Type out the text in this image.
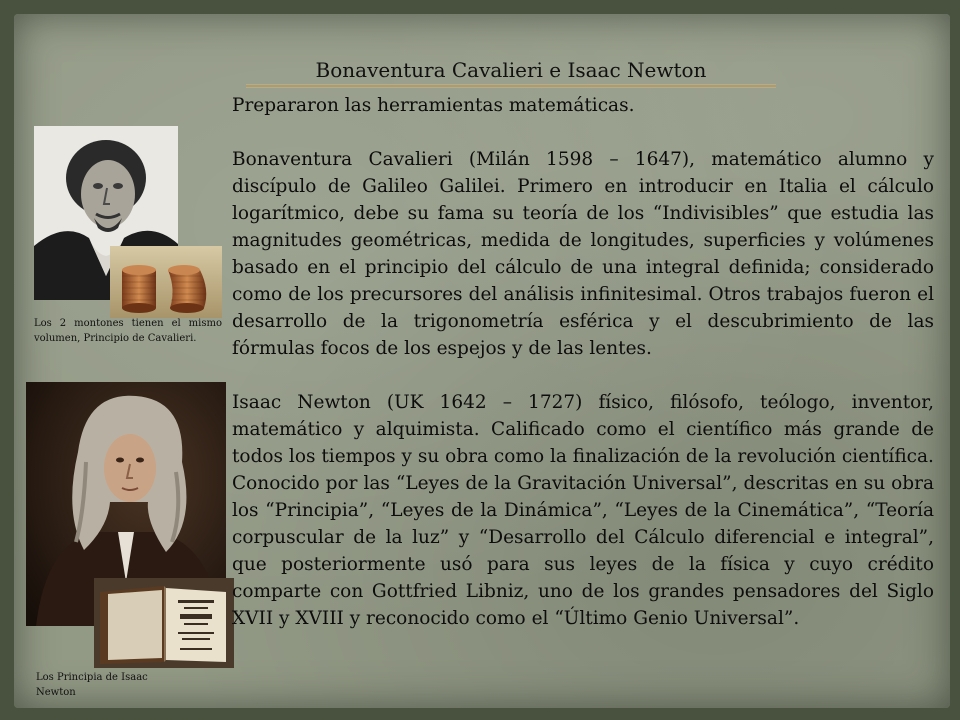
Bonaventura Cavalieri e Isaac Newton
Los 2 montones tienen el mismo volumen, Principio de Cavalieri.
Los Principia de Isaac Newton

Prepararon las herramientas matemáticas.

Bonaventura Cavalieri (Milán 1598 – 1647), matemático alumno y discípulo de Galileo Galilei. Primero en introducir en Italia el cálculo logarítmico, debe su fama su teoría de los “Indivisibles” que estudia las magnitudes geométricas, medida de longitudes, superficies y volúmenes basado en el principio del cálculo de una integral definida; considerado como de los precursores del análisis infinitesimal. Otros trabajos fueron el desarrollo de la trigonometría esférica y el descubrimiento de las fórmulas focos de los espejos y de las lentes.

Isaac Newton (UK 1642 – 1727) físico, filósofo, teólogo, inventor, matemático y alquimista. Calificado como el científico más grande de todos los tiempos y su obra como la finalización de la revolución científica.

Conocido por las “Leyes de la Gravitación Universal”, descritas en su obra los “Principia”, “Leyes de la Dinámica”, “Leyes de la Cinemática”, “Teoría corpuscular de la luz” y “Desarrollo del Cálculo diferencial e integral”, que posteriormente usó para sus leyes de la física y cuyo crédito comparte con Gottfried Libniz, uno de los grandes pensadores del Siglo XVII y XVIII y reconocido como el “Último Genio Universal”.
